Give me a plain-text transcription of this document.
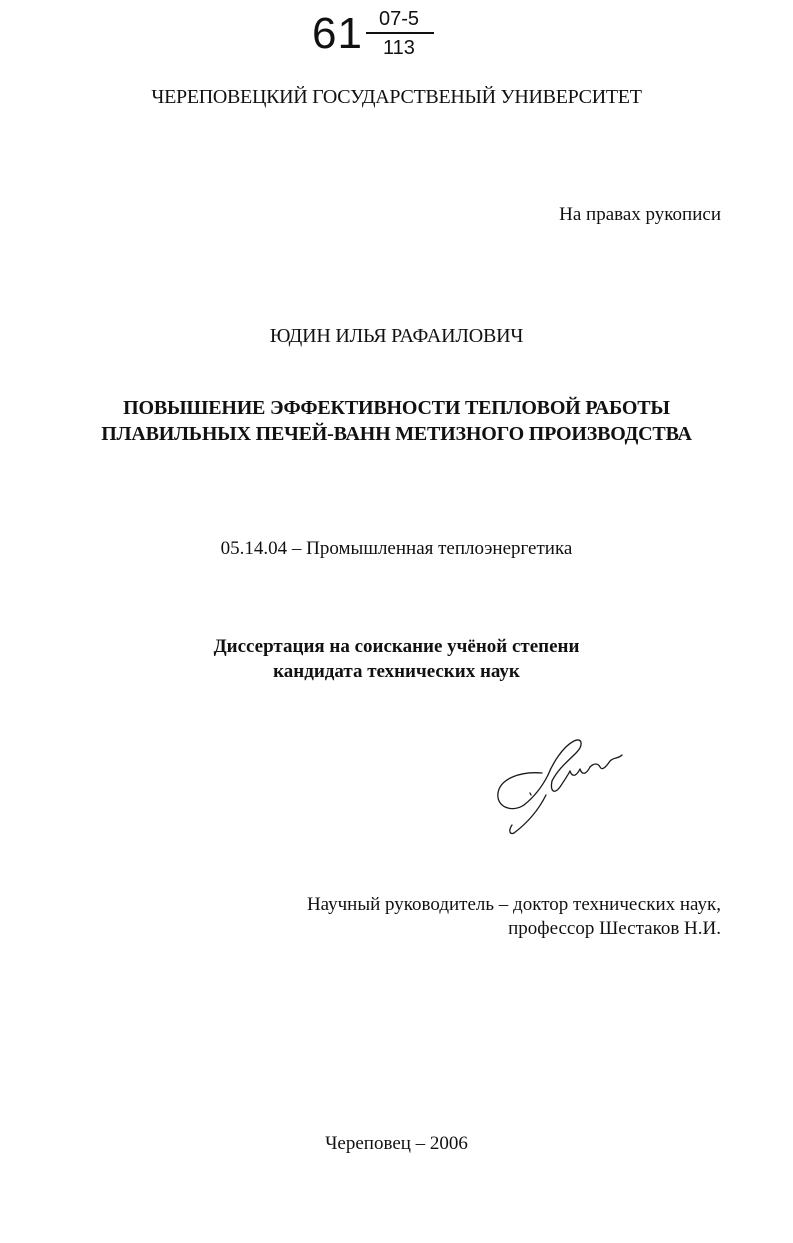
61 07-5
113
ЧЕРЕПОВЕЦКИЙ ГОСУДАРСТВЕНЫЙ УНИВЕРСИТЕТ
На правах рукописи
ЮДИН ИЛЬЯ РАФАИЛОВИЧ
ПОВЫШЕНИЕ ЭФФЕКТИВНОСТИ ТЕПЛОВОЙ РАБОТЫ
ПЛАВИЛЬНЫХ ПЕЧЕЙ-ВАНН МЕТИЗНОГО ПРОИЗВОДСТВА
05.14.04 – Промышленная теплоэнергетика
Диссертация на соискание учёной степени
кандидата технических наук
Научный руководитель – доктор технических наук,
профессор Шестаков Н.И.
Череповец – 2006
